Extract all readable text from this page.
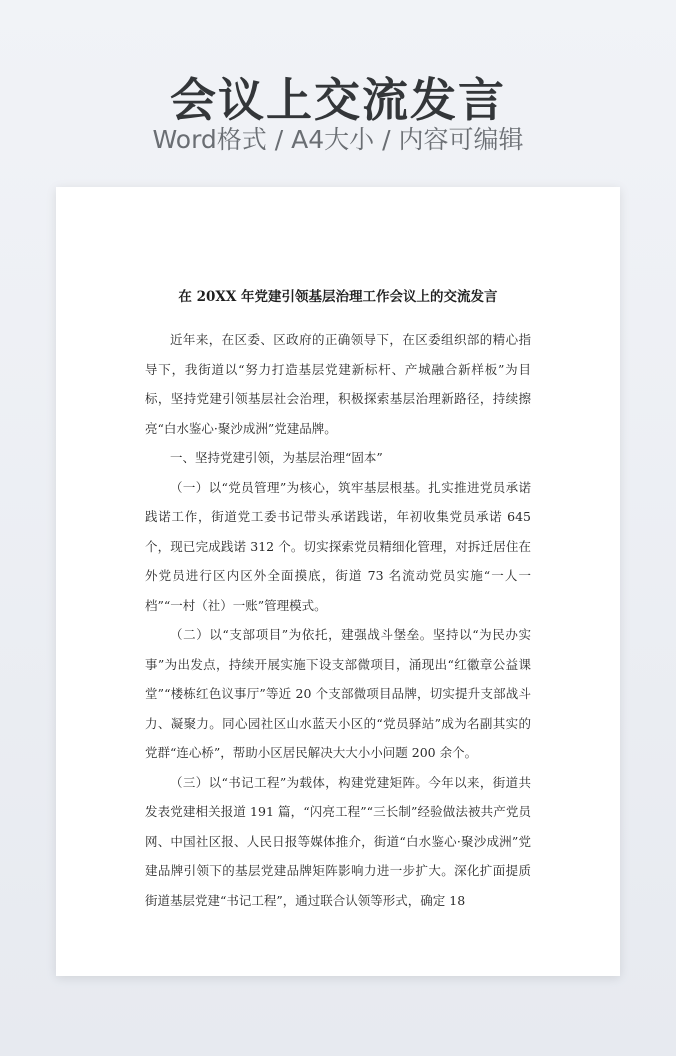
会议上交流发言
Word格式 / A4大小 / 内容可编辑
在 20XX 年党建引领基层治理工作会议上的交流发言

近年来，在区委、区政府的正确领导下，在区委组织部的精心指导下，我街道以“努力打造基层党建新标杆、产城融合新样板”为目标，坚持党建引领基层社会治理，积极探索基层治理新路径，持续擦亮“白水鉴心·聚沙成洲”党建品牌。

一、坚持党建引领，为基层治理“固本”

（一）以“党员管理”为核心，筑牢基层根基。扎实推进党员承诺践诺工作，街道党工委书记带头承诺践诺，年初收集党员承诺 645 个，现已完成践诺 312 个。切实探索党员精细化管理，对拆迁居住在外党员进行区内区外全面摸底，街道 73 名流动党员实施“一人一档”“一村（社）一账”管理模式。

（二）以“支部项目”为依托，建强战斗堡垒。坚持以“为民办实事”为出发点，持续开展实施下设支部微项目，涌现出“红徽章公益课堂”“楼栋红色议事厅”等近 20 个支部微项目品牌，切实提升支部战斗力、凝聚力。同心园社区山水蓝天小区的“党员驿站”成为名副其实的党群“连心桥”，帮助小区居民解决大大小小问题 200 余个。

（三）以“书记工程”为载体，构建党建矩阵。今年以来，街道共发表党建相关报道 191 篇，“闪亮工程”“三长制”经验做法被共产党员网、中国社区报、人民日报等媒体推介，街道“白水鉴心·聚沙成洲”党建品牌引领下的基层党建品牌矩阵影响力进一步扩大。深化扩面提质街道基层党建“书记工程”，通过联合认领等形式，确定 18
